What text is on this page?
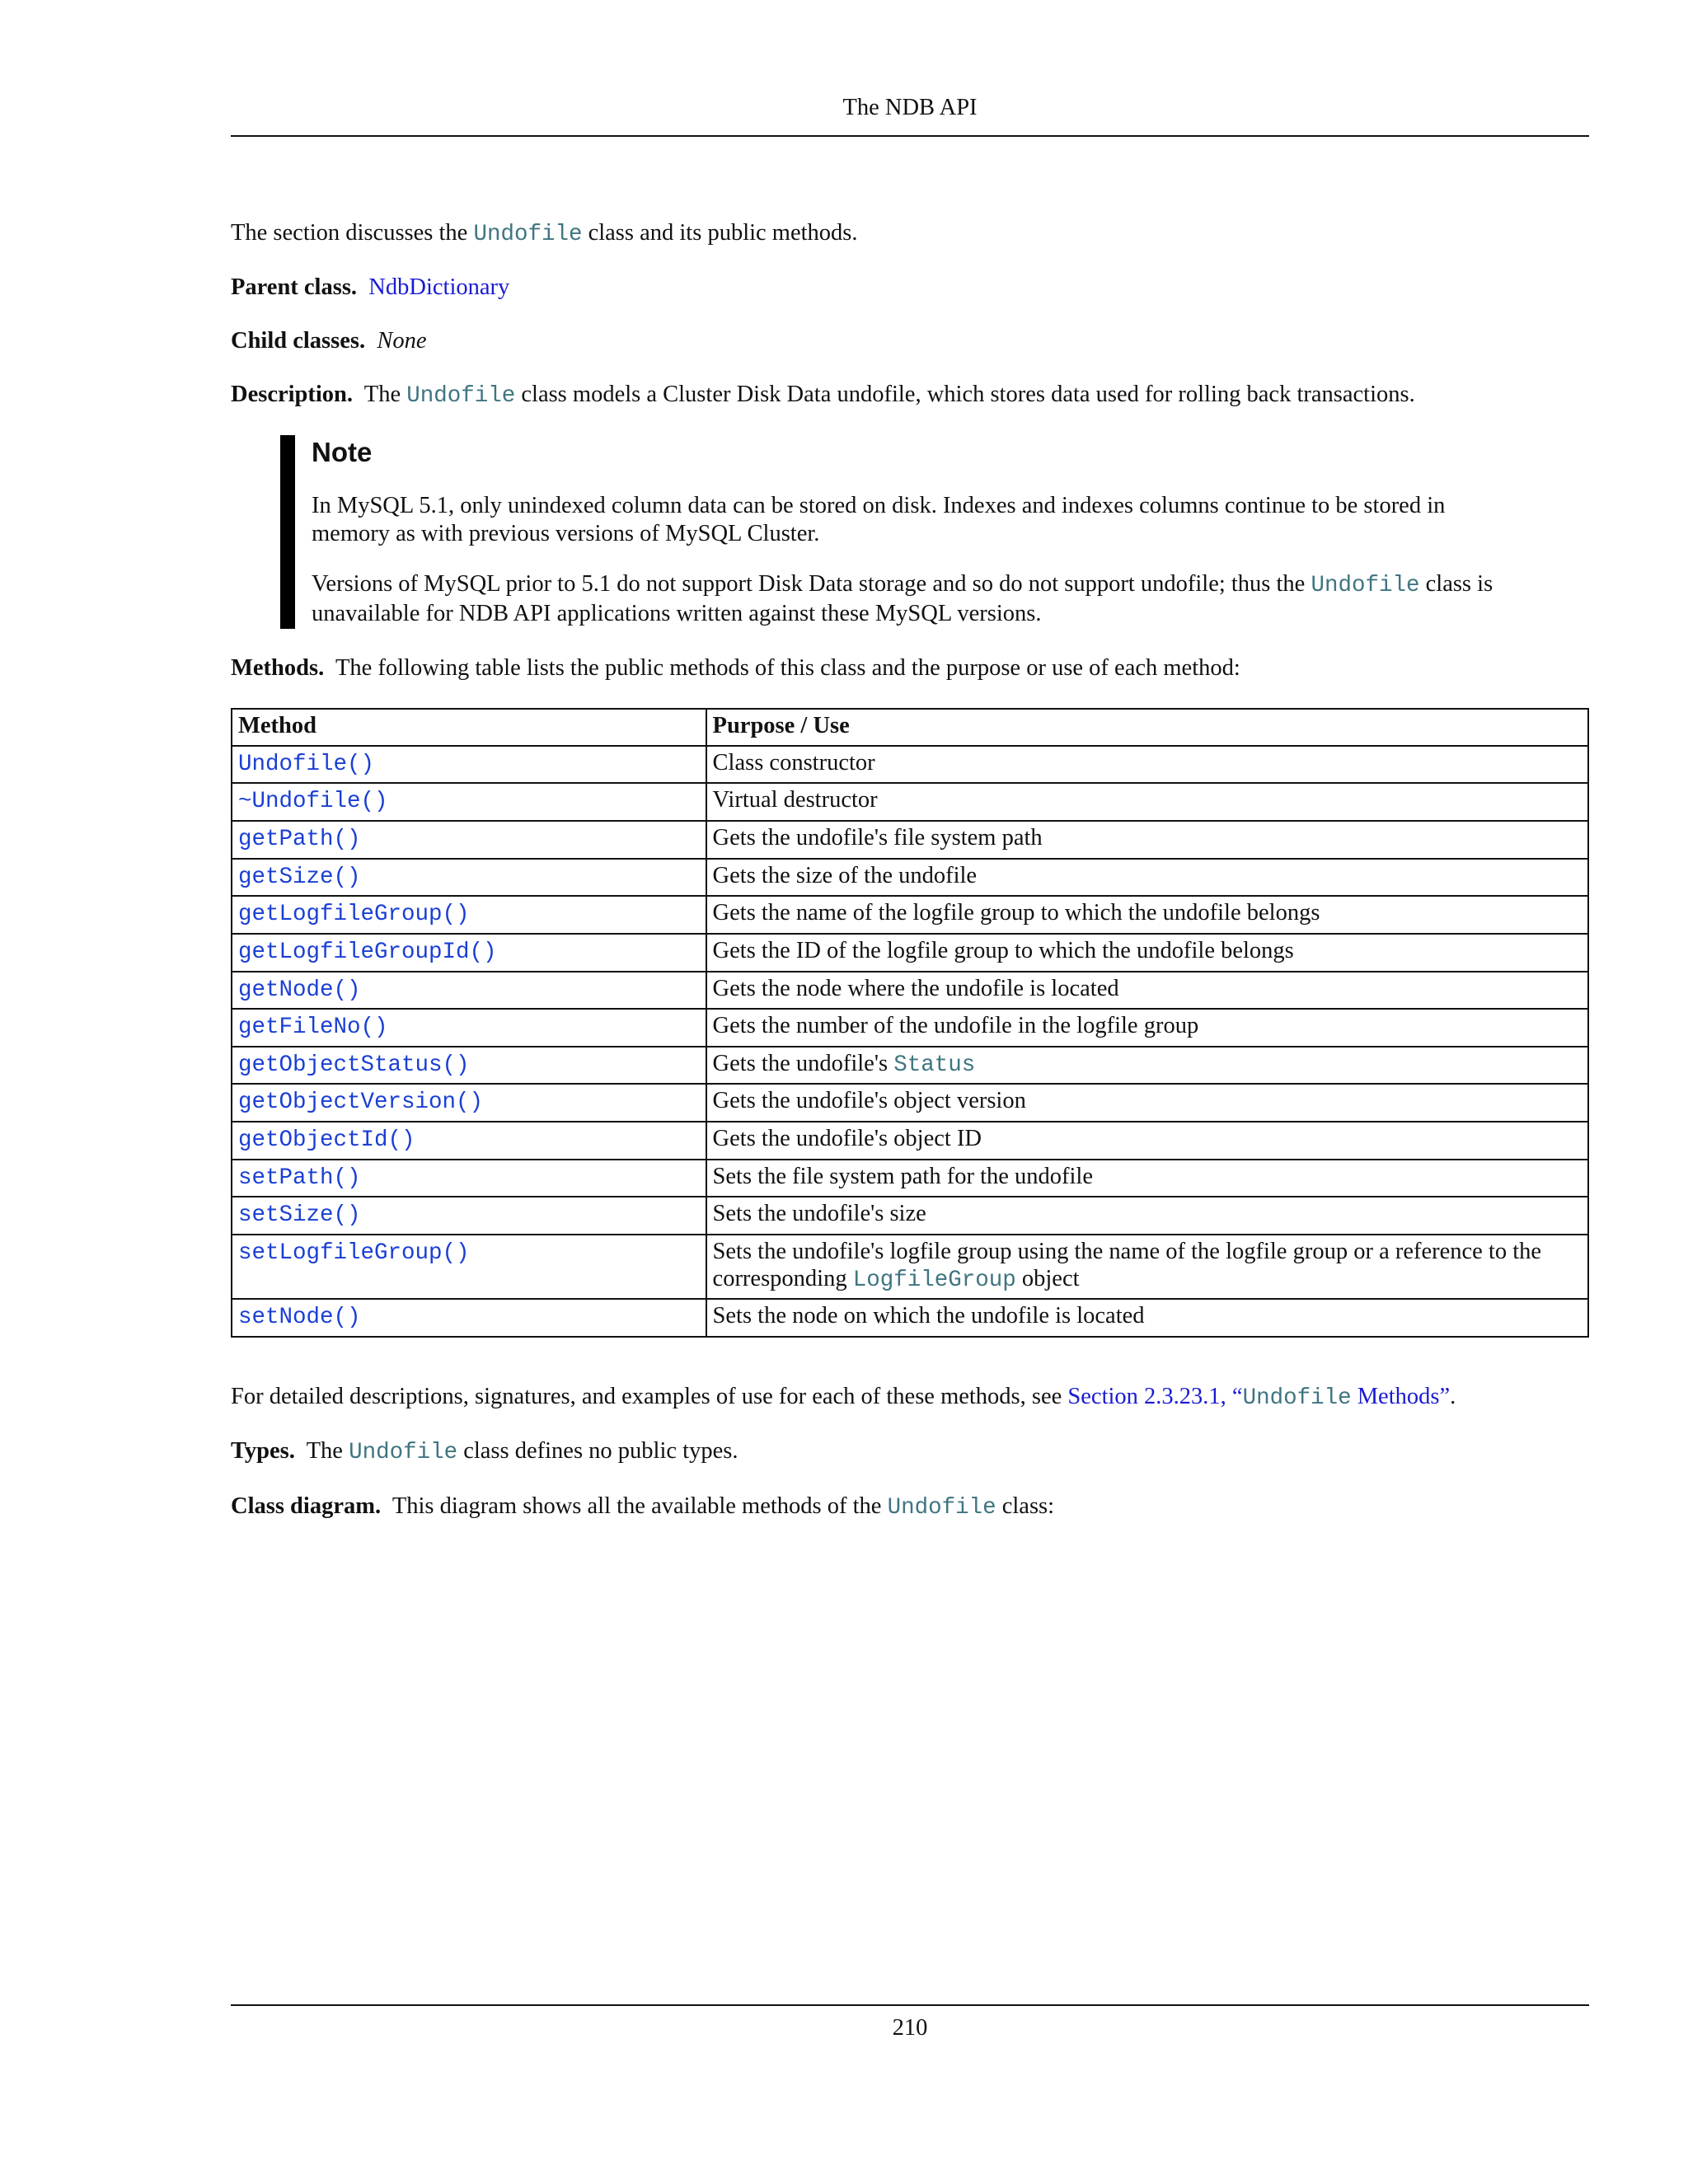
The NDB API

The section discusses the Undofile class and its public methods.

Parent class. NdbDictionary

Child classes. None

Description. The Undofile class models a Cluster Disk Data undofile, which stores data used for rolling back transactions.

Note

In MySQL 5.1, only unindexed column data can be stored on disk. Indexes and indexes columns continue to be stored in memory as with previous versions of MySQL Cluster.

Versions of MySQL prior to 5.1 do not support Disk Data storage and so do not support undofile; thus the Undofile class is unavailable for NDB API applications written against these MySQL versions.

Methods. The following table lists the public methods of this class and the purpose or use of each method:

Method	Purpose / Use
Undofile()	Class constructor
~Undofile()	Virtual destructor
getPath()	Gets the undofile's file system path
getSize()	Gets the size of the undofile
getLogfileGroup()	Gets the name of the logfile group to which the undofile belongs
getLogfileGroupId()	Gets the ID of the logfile group to which the undofile belongs
getNode()	Gets the node where the undofile is located
getFileNo()	Gets the number of the undofile in the logfile group
getObjectStatus()	Gets the undofile's Status
getObjectVersion()	Gets the undofile's object version
getObjectId()	Gets the undofile's object ID
setPath()	Sets the file system path for the undofile
setSize()	Sets the undofile's size
setLogfileGroup()	Sets the undofile's logfile group using the name of the logfile group or a reference to the corresponding LogfileGroup object
setNode()	Sets the node on which the undofile is located

For detailed descriptions, signatures, and examples of use for each of these methods, see Section 2.3.23.1, “Undofile Methods”.

Types. The Undofile class defines no public types.

Class diagram. This diagram shows all the available methods of the Undofile class:

210
